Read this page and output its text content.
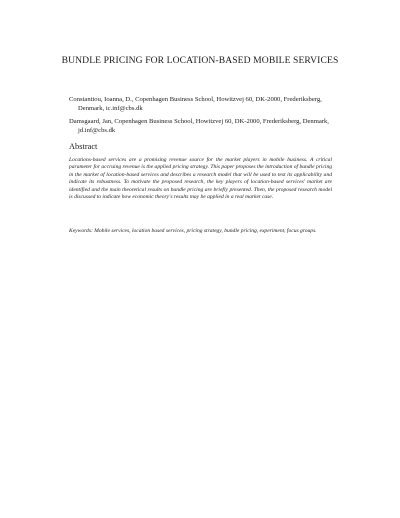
BUNDLE PRICING FOR LOCATION-BASED MOBILE SERVICES

Constantiou, Ioanna, D., Copenhagen Business School, Howitzvej 60, DK-2000, Frederiksberg, Denmark, ic.inf@cbs.dk

Damsgaard, Jan, Copenhagen Business School, Howitzvej 60, DK-2000, Frederiksberg, Denmark, jd.inf@cbs.dk

Abstract

Locations-based services are a promising revenue source for the market players in mobile business. A critical parameter for accruing revenue is the applied pricing strategy. This paper proposes the introduction of bundle pricing in the market of location-based services and describes a research model that will be used to test its applicability and indicate its robustness. To motivate the proposed research, the key players of location-based services' market are identified and the main theoretical results on bundle pricing are briefly presented. Then, the proposed research model is discussed to indicate how economic theory's results may be applied in a real market case.

Keywords: Mobile services, location based services, pricing strategy, bundle pricing, experiment, focus groups.
